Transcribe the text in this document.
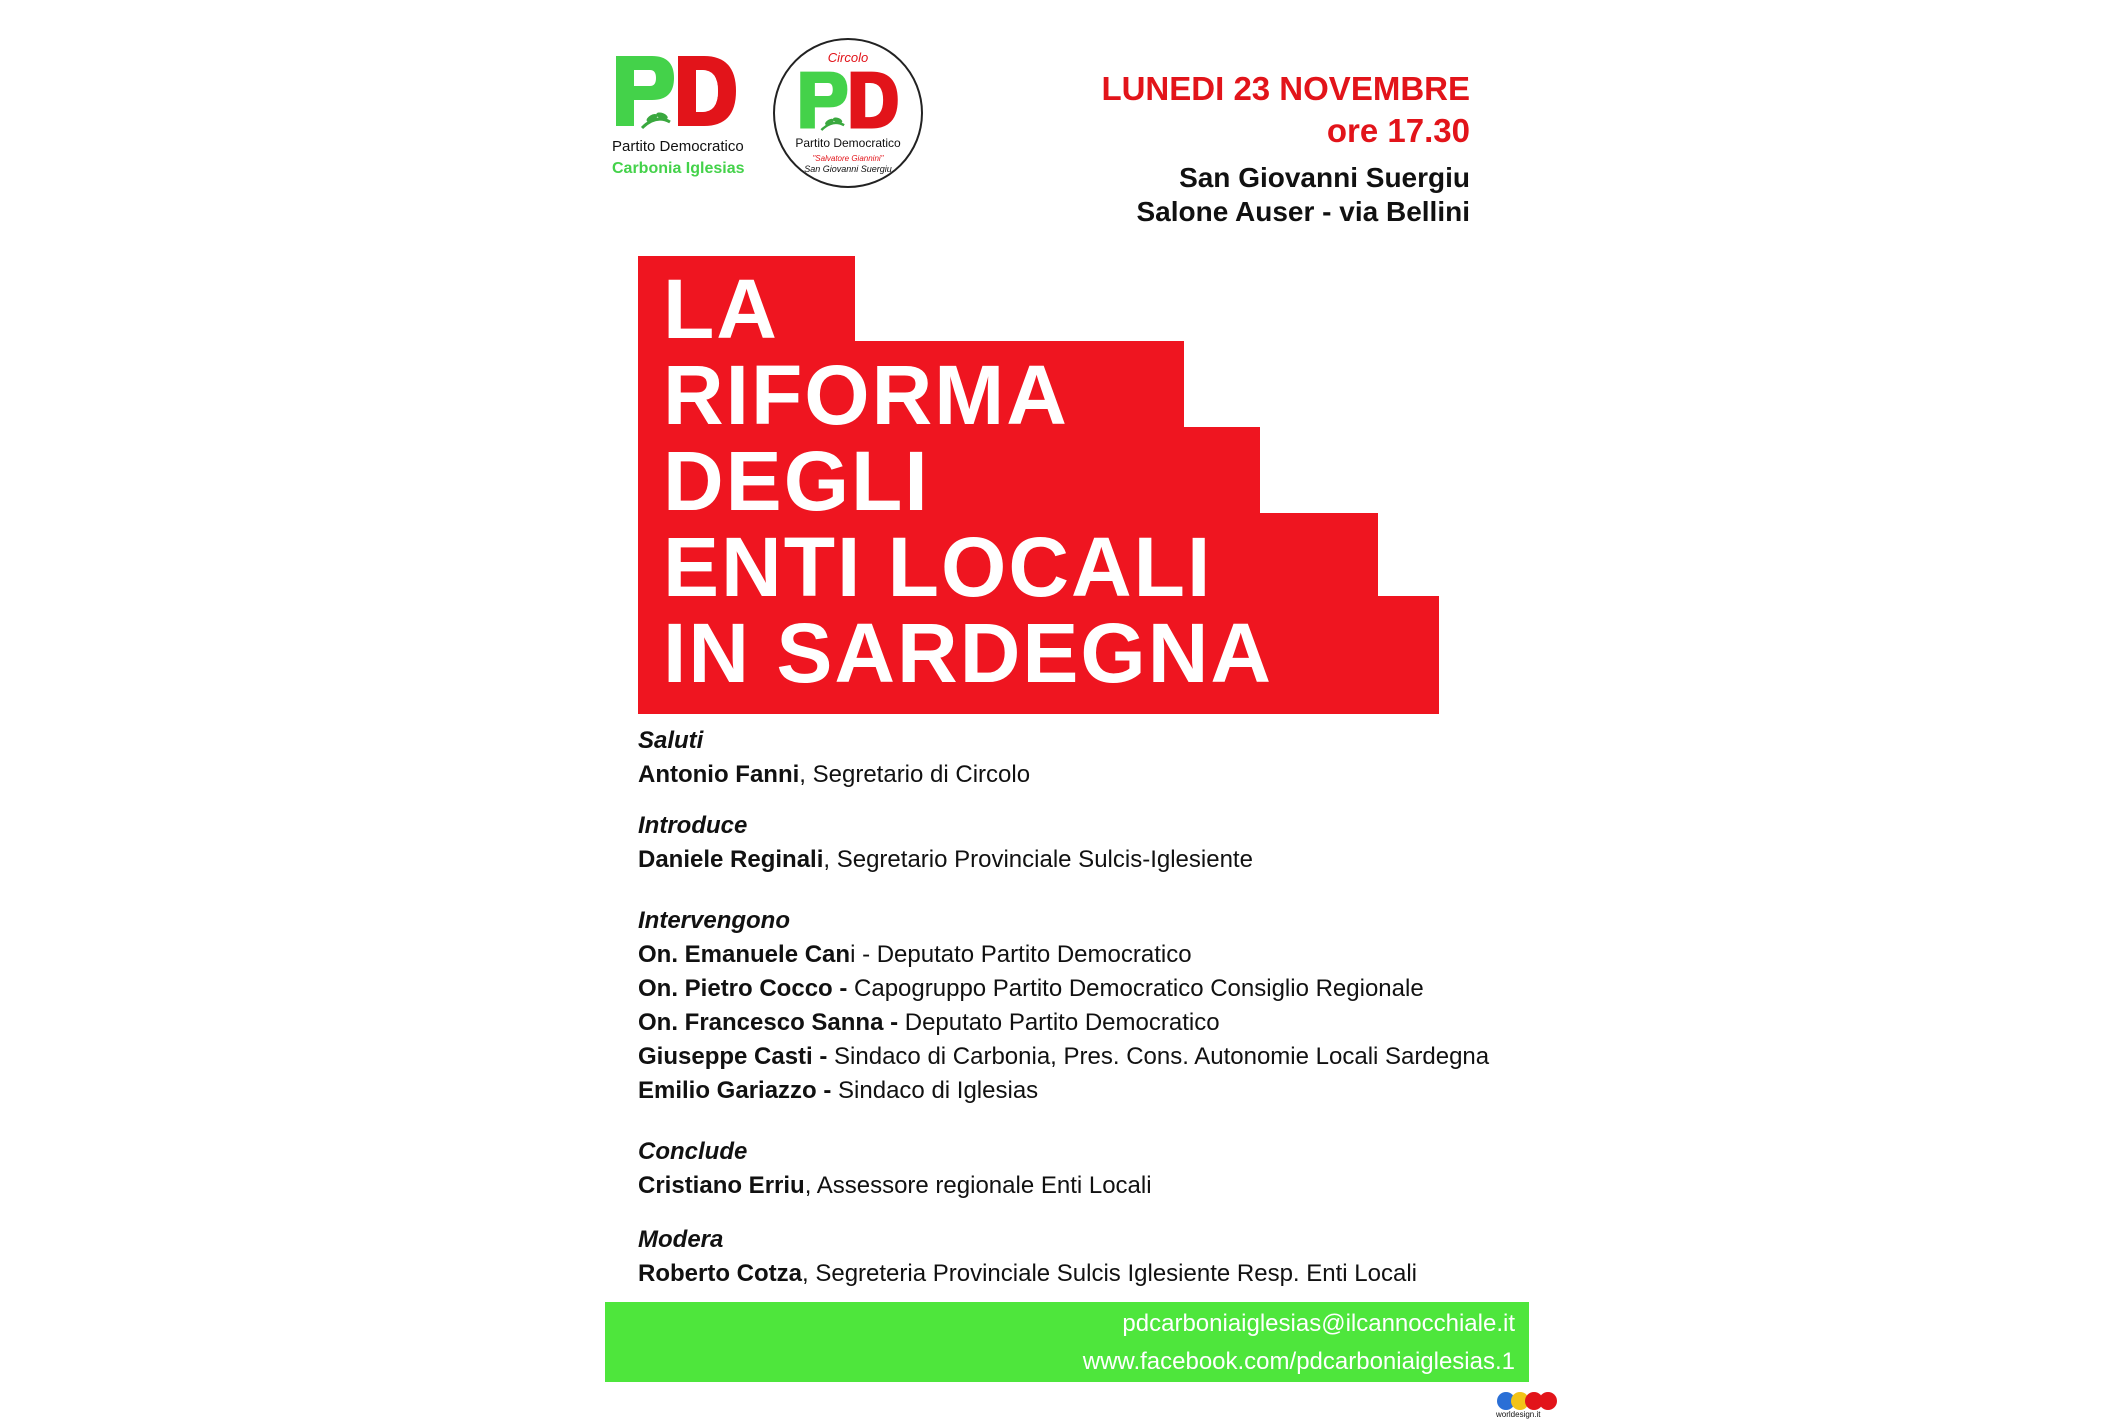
Partito Democratico
Carbonia Iglesias
Circolo
Partito Democratico
"Salvatore Giannini"
San Giovanni Suergiu
LUNEDI 23 NOVEMBRE
ore 17.30
San Giovanni Suergiu
Salone Auser - via Bellini
LA
RIFORMA
DEGLI
ENTI LOCALI
IN SARDEGNA
Saluti
Antonio Fanni, Segretario di Circolo
Introduce
Daniele Reginali, Segretario Provinciale Sulcis-Iglesiente
Intervengono
On. Emanuele Cani - Deputato Partito Democratico
On. Pietro Cocco - Capogruppo Partito Democratico Consiglio Regionale
On. Francesco Sanna - Deputato Partito Democratico
Giuseppe Casti - Sindaco di Carbonia, Pres. Cons. Autonomie Locali Sardegna
Emilio Gariazzo - Sindaco di Iglesias
Conclude
Cristiano Erriu, Assessore regionale Enti Locali
Modera
Roberto Cotza, Segreteria Provinciale Sulcis Iglesiente Resp. Enti Locali
pdcarboniaiglesias@ilcannocchiale.it
www.facebook.com/pdcarboniaiglesias.1
worldesign.it
